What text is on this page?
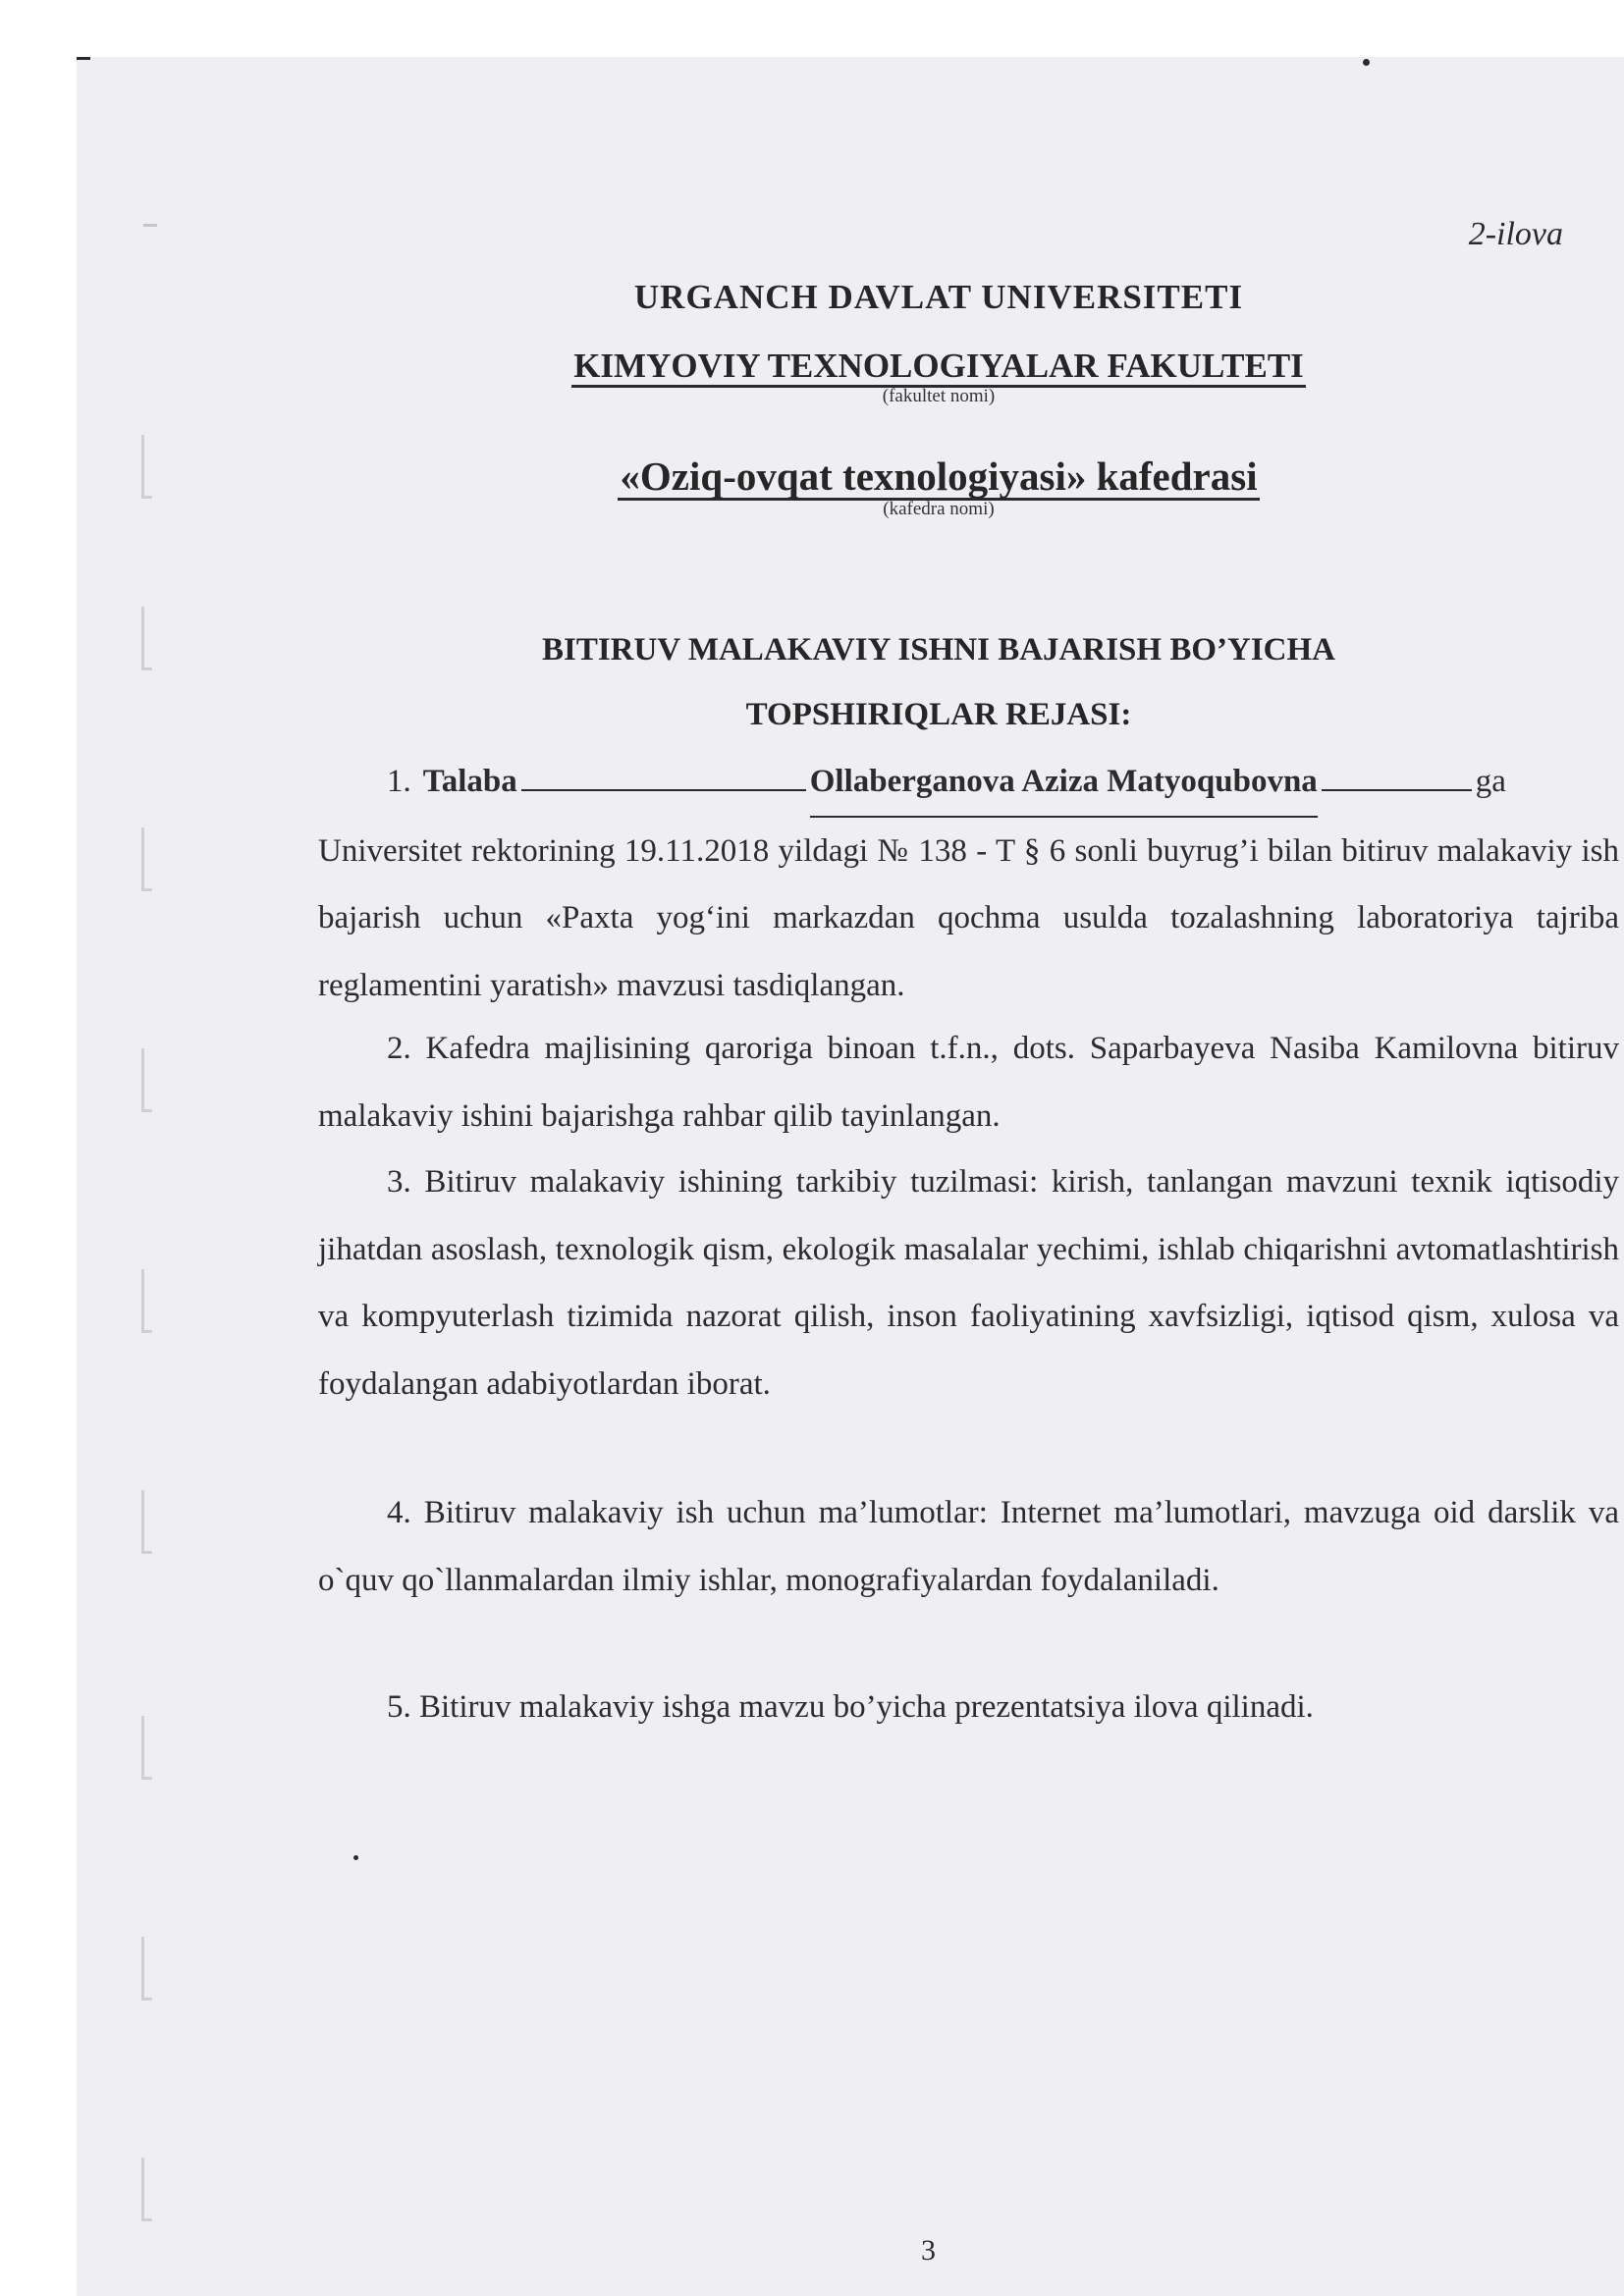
2-ilova
URGANCH DAVLAT UNIVERSITETI
KIMYOVIY TEXNOLOGIYALAR FAKULTETI
(fakultet nomi)
«Oziq-ovqat texnologiyasi» kafedrasi
(kafedra nomi)
BITIRUV MALAKAVIY ISHNI BAJARISH BO’YICHA
TOPSHIRIQLAR REJASI:
1. Talaba	Ollaberganova Aziza Matyoqubovna	ga
Universitet rektorining 19.11.2018 yildagi № 138 - T § 6 sonli buyrug’i bilan bitiruv malakaviy ish bajarish uchun «Paxta yog‘ini markazdan qochma usulda tozalashning laboratoriya tajriba reglamentini yaratish» mavzusi tasdiqlangan.
2. Kafedra majlisining qaroriga binoan t.f.n., dots. Saparbayeva Nasiba Kamilovna bitiruv malakaviy ishini bajarishga rahbar qilib tayinlangan.
3. Bitiruv malakaviy ishining tarkibiy tuzilmasi: kirish, tanlangan mavzuni texnik iqtisodiy jihatdan asoslash, texnologik qism, ekologik masalalar yechimi, ishlab chiqarishni avtomatlashtirish va kompyuterlash tizimida nazorat qilish, inson faoliyatining xavfsizligi, iqtisod qism, xulosa va foydalangan adabiyotlardan iborat.
4. Bitiruv malakaviy ish uchun ma’lumotlar: Internet ma’lumotlari, mavzuga oid darslik va o`quv qo`llanmalardan ilmiy ishlar, monografiyalardan foydalaniladi.
5. Bitiruv malakaviy ishga mavzu bo’yicha prezentatsiya ilova qilinadi.
3
